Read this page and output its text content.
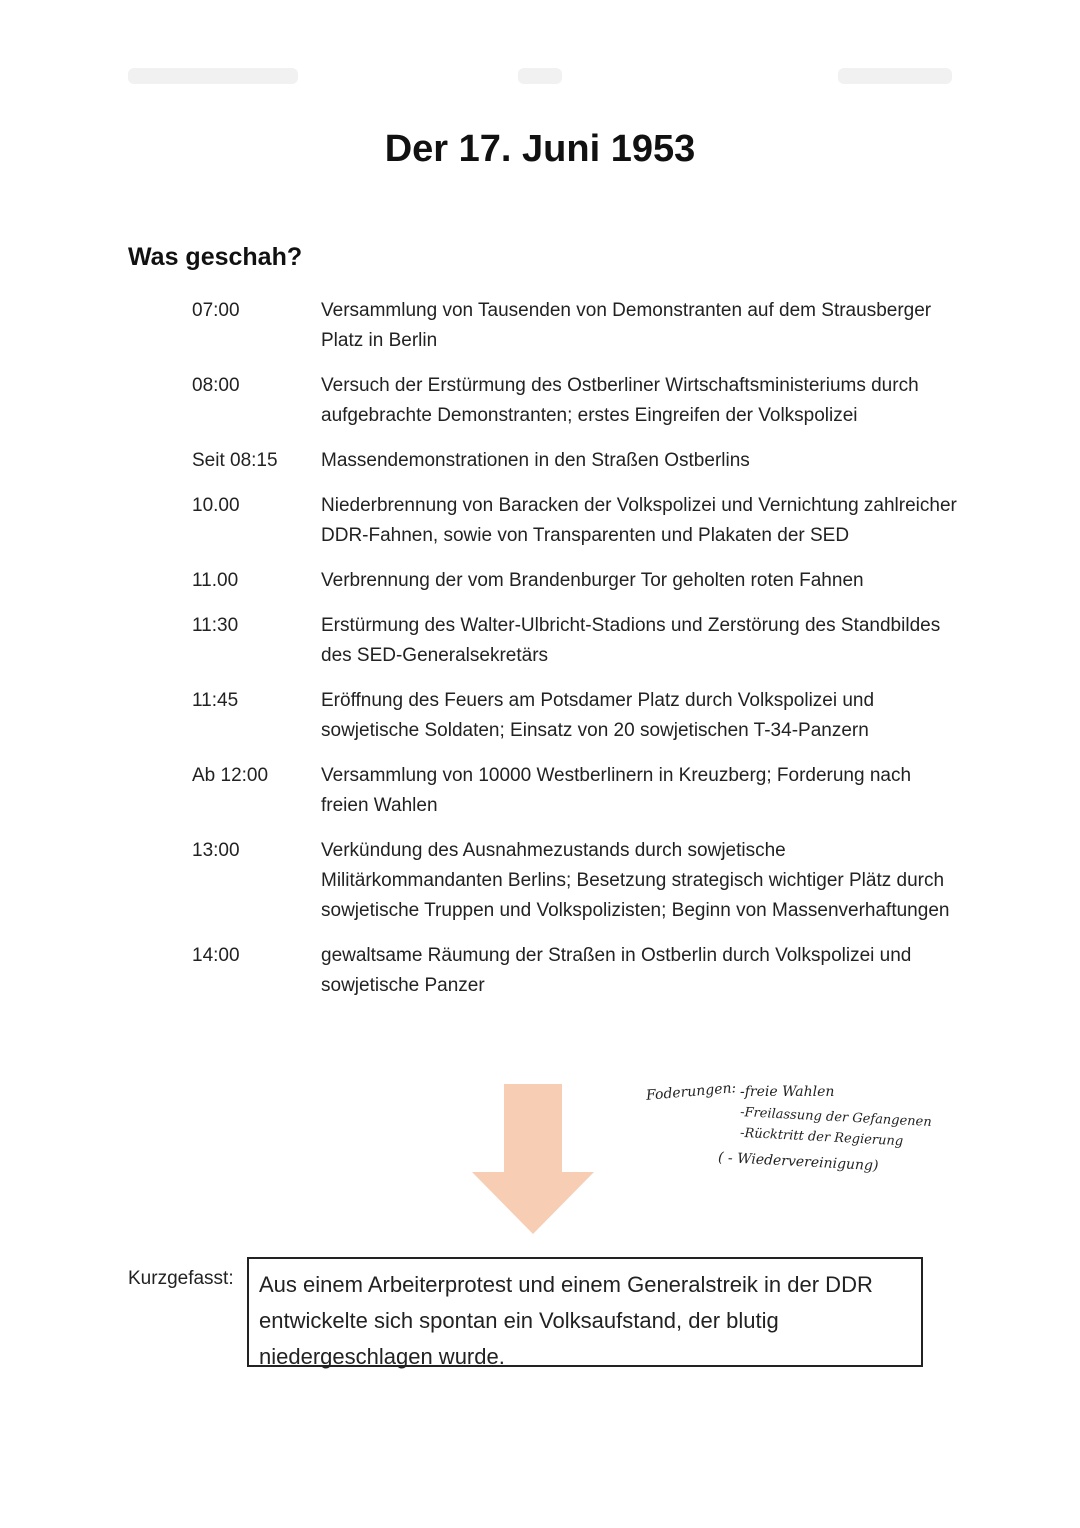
Der 17. Juni 1953
Was geschah?
07:00	Versammlung von Tausenden von Demonstranten auf dem Strausberger Platz in Berlin
08:00	Versuch der Erstürmung des Ostberliner Wirtschaftsministeriums durch aufgebrachte Demonstranten; erstes Eingreifen der Volkspolizei
Seit 08:15	Massendemonstrationen in den Straßen Ostberlins
10.00	Niederbrennung von Baracken der Volkspolizei und Vernichtung zahlreicher DDR-Fahnen, sowie von Transparenten und Plakaten der SED
11.00	Verbrennung der vom Brandenburger Tor geholten roten Fahnen
11:30	Erstürmung des Walter-Ulbricht-Stadions und Zerstörung des Standbildes des SED-Generalsekretärs
11:45	Eröffnung des Feuers am Potsdamer Platz durch Volkspolizei und sowjetische Soldaten; Einsatz von 20 sowjetischen T-34-Panzern
Ab 12:00	Versammlung von 10000 Westberlinern in Kreuzberg; Forderung nach freien Wahlen
13:00	Verkündung des Ausnahmezustands durch sowjetische Militärkommandanten Berlins; Besetzung strategisch wichtiger Plätz durch sowjetische Truppen und Volkspolizisten; Beginn von Massenverhaftungen
14:00	gewaltsame Räumung der Straßen in Ostberlin durch Volkspolizei und sowjetische Panzer
Foderungen: -freie Wahlen
-Freilassung der Gefangenen
-Rücktritt der Regierung
( - Wiedervereinigung)
Kurzgefasst:	Aus einem Arbeiterprotest und einem Generalstreik in der DDR entwickelte sich spontan ein Volksaufstand, der blutig niedergeschlagen wurde.
